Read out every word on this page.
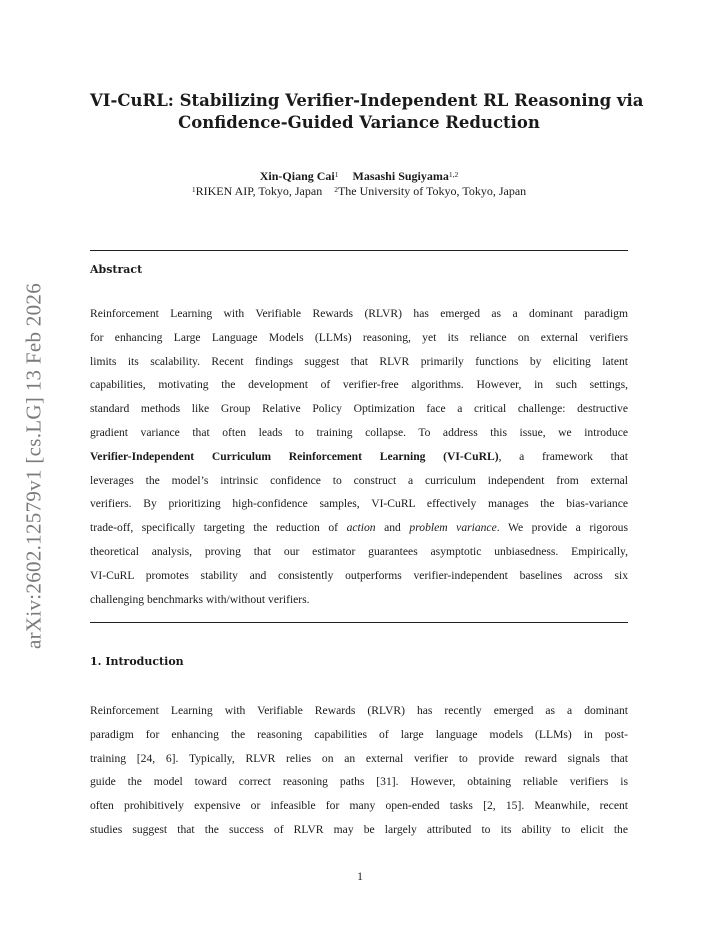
arXiv:2602.12579v1 [cs.LG] 13 Feb 2026
VI-CuRL: Stabilizing Verifier-Independent RL Reasoning via
Confidence-Guided Variance Reduction
Xin-Qiang Cai$^1$ Masashi Sugiyama$^{1,2}$
$^1$RIKEN AIP, Tokyo, Japan $^2$The University of Tokyo, Tokyo, Japan
Abstract
Reinforcement Learning with Verifiable Rewards (RLVR) has emerged as a dominant paradigm
for enhancing Large Language Models (LLMs) reasoning, yet its reliance on external verifiers
limits its scalability. Recent findings suggest that RLVR primarily functions by eliciting latent
capabilities, motivating the development of verifier-free algorithms. However, in such settings,
standard methods like Group Relative Policy Optimization face a critical challenge: destructive
gradient variance that often leads to training collapse. To address this issue, we introduce
Verifier-Independent Curriculum Reinforcement Learning (VI-CuRL), a framework that
leverages the model’s intrinsic confidence to construct a curriculum independent from external
verifiers. By prioritizing high-confidence samples, VI-CuRL effectively manages the bias-variance
trade-off, specifically targeting the reduction of action and problem variance. We provide a rigorous
theoretical analysis, proving that our estimator guarantees asymptotic unbiasedness. Empirically,
VI-CuRL promotes stability and consistently outperforms verifier-independent baselines across six
challenging benchmarks with/without verifiers.
1. Introduction
Reinforcement Learning with Verifiable Rewards (RLVR) has recently emerged as a dominant
paradigm for enhancing the reasoning capabilities of large language models (LLMs) in post-
training [24, 6]. Typically, RLVR relies on an external verifier to provide reward signals that
guide the model toward correct reasoning paths [31]. However, obtaining reliable verifiers is
often prohibitively expensive or infeasible for many open-ended tasks [2, 15]. Meanwhile, recent
studies suggest that the success of RLVR may be largely attributed to its ability to elicit the
1
